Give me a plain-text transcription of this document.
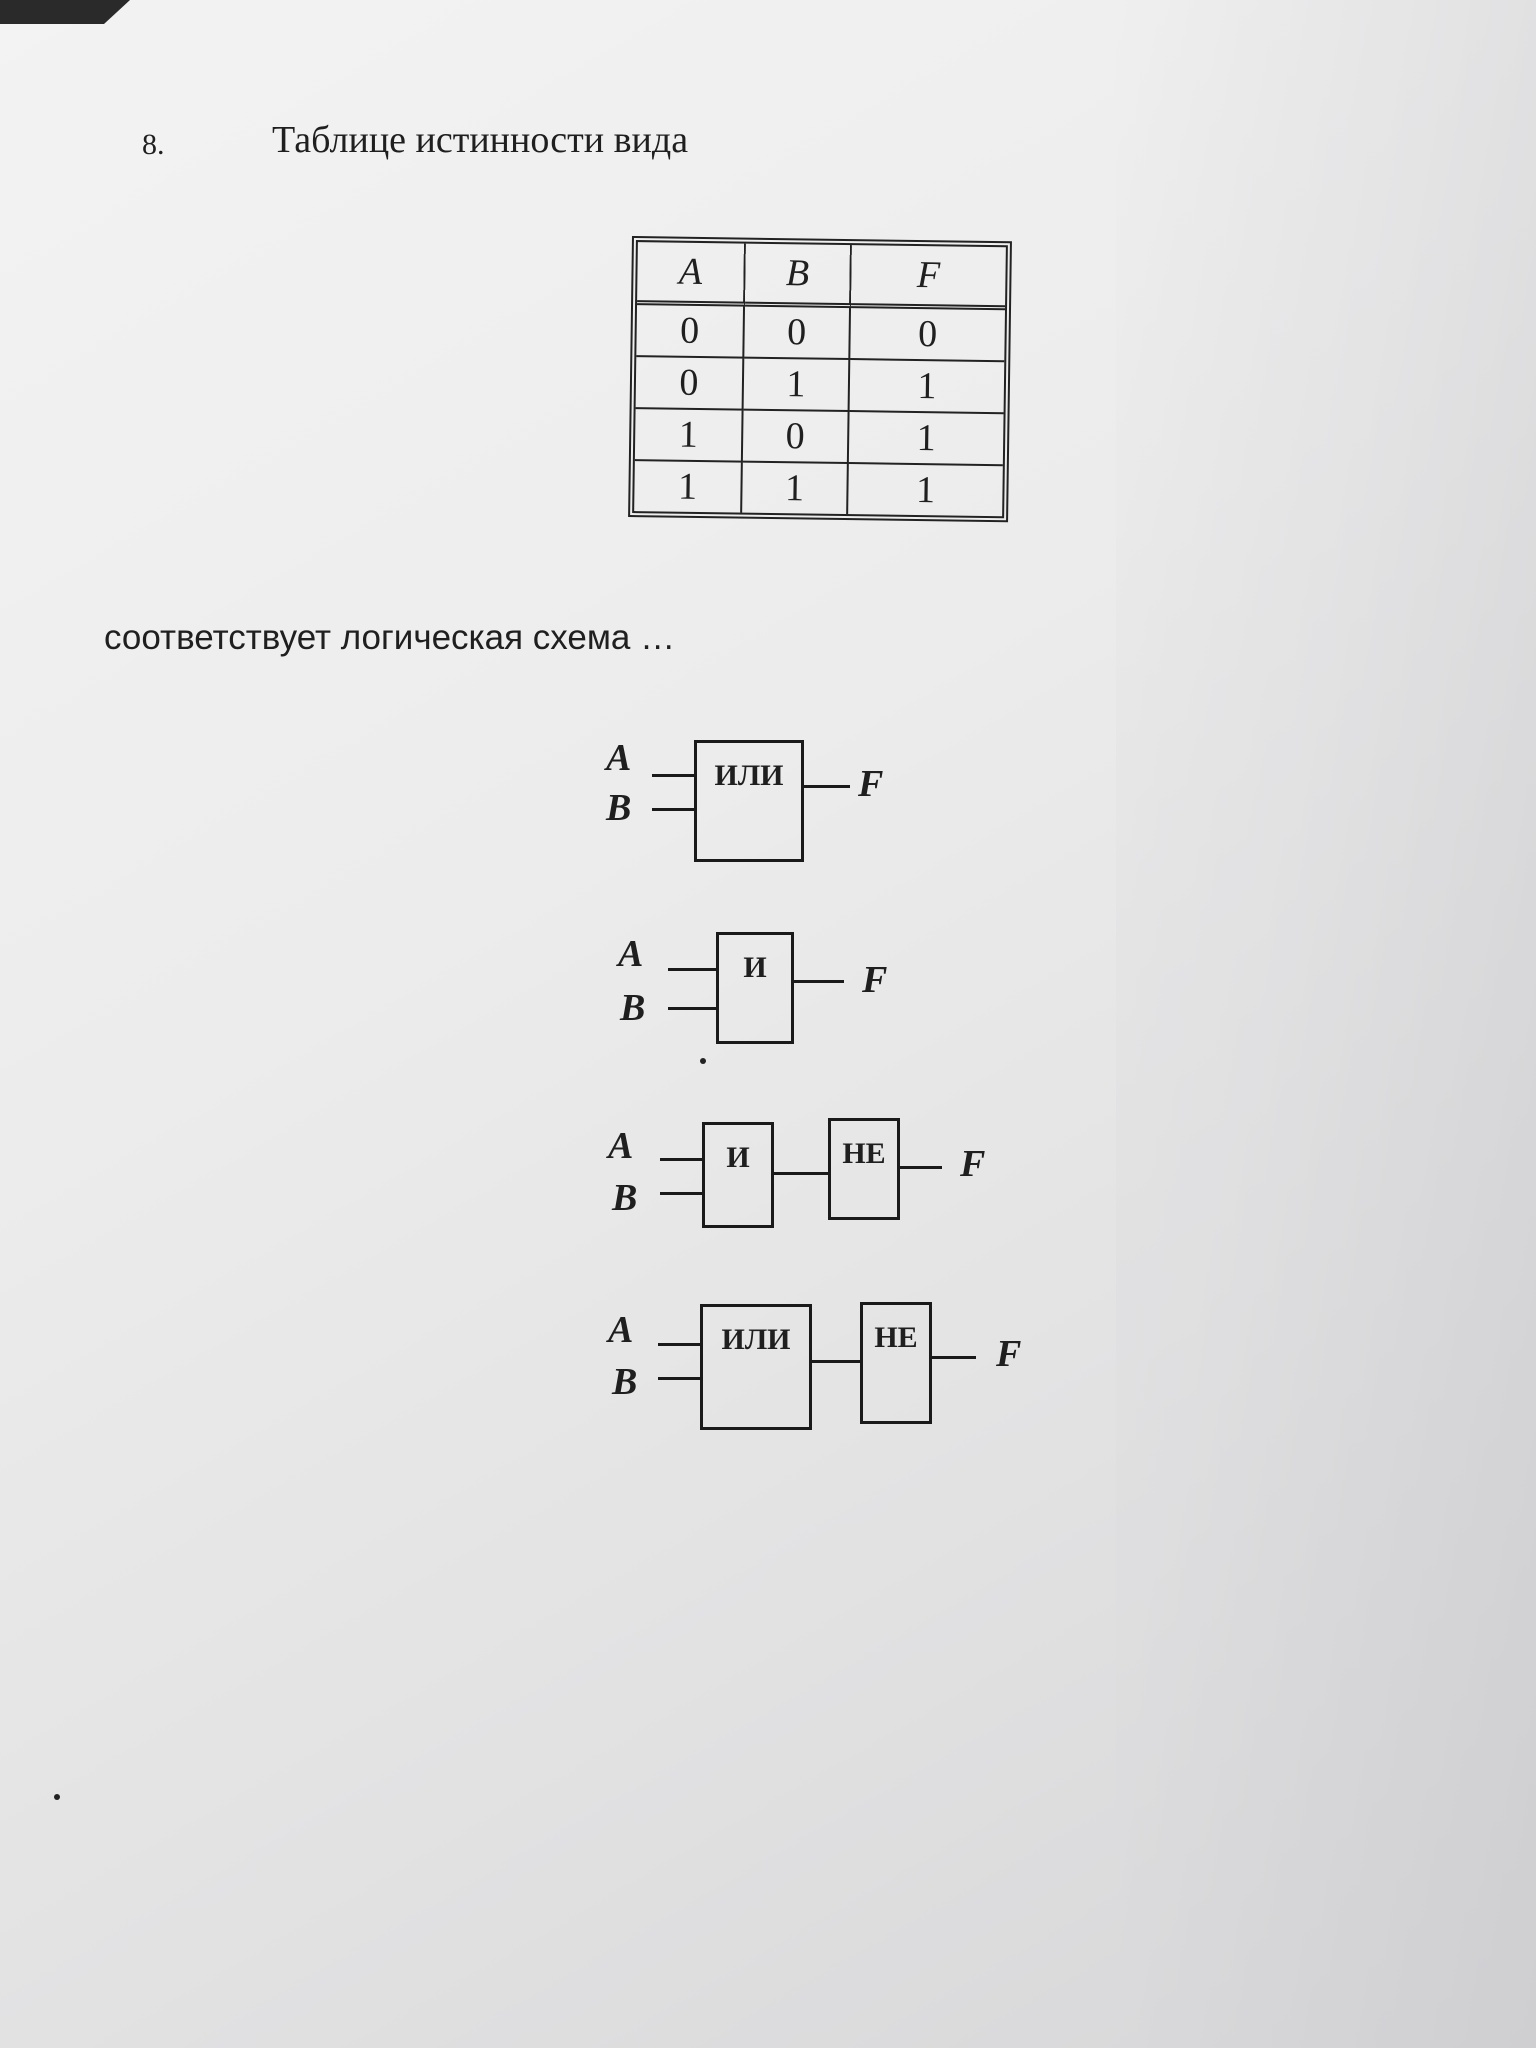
8.	Таблице истинности вида
A	B	F
0	0	0
0	1	1
1	0	1
1	1	1
соответствует логическая схема …
A
B
ИЛИ	F
A
B
И	F
A
B
И	НЕ	F
A
B
ИЛИ	НЕ	F
